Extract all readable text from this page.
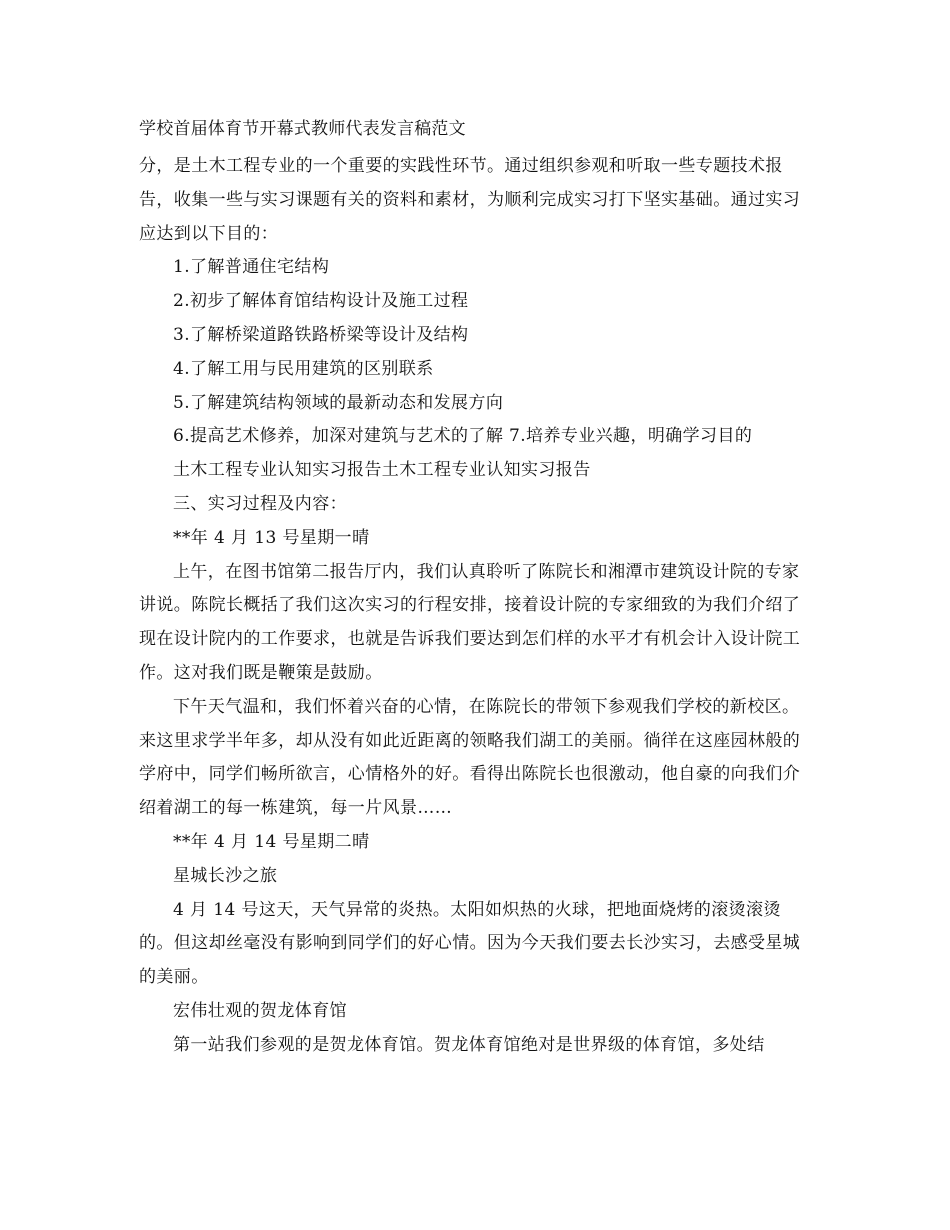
学校首届体育节开幕式教师代表发言稿范文

分，是土木工程专业的一个重要的实践性环节。通过组织参观和听取一些专题技术报告，收集一些与实习课题有关的资料和素材，为顺利完成实习打下坚实基础。通过实习应达到以下目的：

1.了解普通住宅结构

2.初步了解体育馆结构设计及施工过程

3.了解桥梁道路铁路桥梁等设计及结构

4.了解工用与民用建筑的区别联系

5.了解建筑结构领域的最新动态和发展方向

6.提高艺术修养，加深对建筑与艺术的了解 7.培养专业兴趣，明确学习目的

土木工程专业认知实习报告土木工程专业认知实习报告

三、实习过程及内容：

**年 4 月 13 号星期一晴

上午，在图书馆第二报告厅内，我们认真聆听了陈院长和湘潭市建筑设计院的专家讲说。陈院长概括了我们这次实习的行程安排，接着设计院的专家细致的为我们介绍了现在设计院内的工作要求，也就是告诉我们要达到怎们样的水平才有机会计入设计院工作。这对我们既是鞭策是鼓励。

下午天气温和，我们怀着兴奋的心情，在陈院长的带领下参观我们学校的新校区。来这里求学半年多，却从没有如此近距离的领略我们湖工的美丽。徜徉在这座园林般的学府中，同学们畅所欲言，心情格外的好。看得出陈院长也很激动，他自豪的向我们介绍着湖工的每一栋建筑，每一片风景……

**年 4 月 14 号星期二晴

星城长沙之旅

4 月 14 号这天，天气异常的炎热。太阳如炽热的火球，把地面烧烤的滚烫滚烫的。但这却丝毫没有影响到同学们的好心情。因为今天我们要去长沙实习，去感受星城的美丽。

宏伟壮观的贺龙体育馆

第一站我们参观的是贺龙体育馆。贺龙体育馆绝对是世界级的体育馆，多处结
